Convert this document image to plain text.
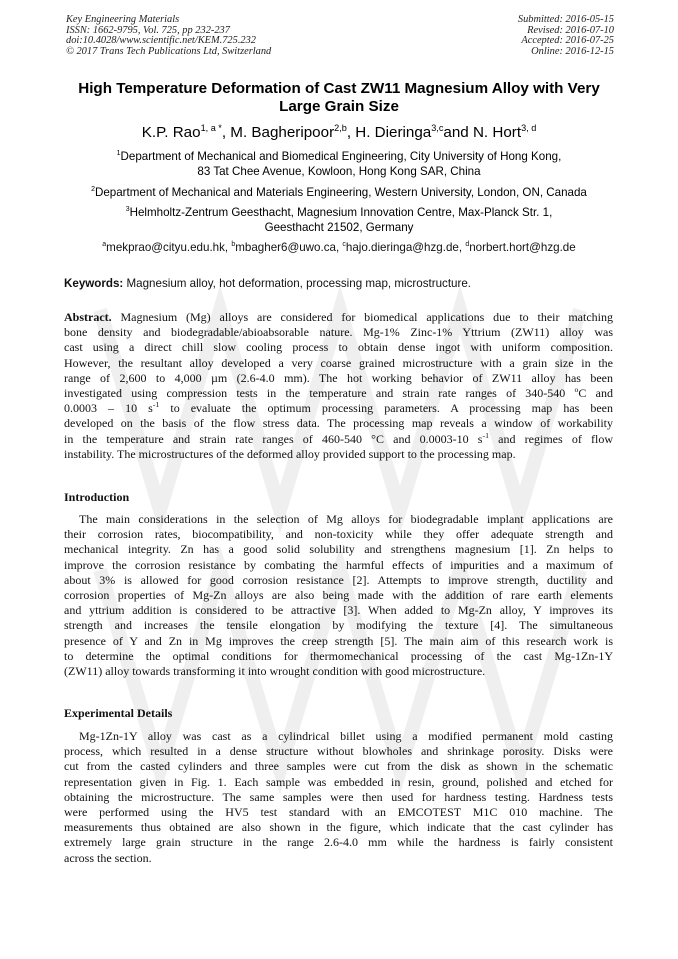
Key Engineering Materials
ISSN: 1662-9795, Vol. 725, pp 232-237
doi:10.4028/www.scientific.net/KEM.725.232
© 2017 Trans Tech Publications Ltd, Switzerland
Submitted: 2016-05-15
Revised: 2016-07-10
Accepted: 2016-07-25
Online: 2016-12-15
High Temperature Deformation of Cast ZW11 Magnesium Alloy with Very
Large Grain Size
K.P. Rao$^{1, a *}$, M. Bagheripoor$^{2,b}$, H. Dieringa$^{3,c}$and N. Hort$^{3, d}$
$^1$Department of Mechanical and Biomedical Engineering, City University of Hong Kong,
83 Tat Chee Avenue, Kowloon, Hong Kong SAR, China
$^2$Department of Mechanical and Materials Engineering, Western University, London, ON, Canada
$^3$Helmholtz-Zentrum Geesthacht, Magnesium Innovation Centre, Max-Planck Str. 1,
Geesthacht 21502, Germany
$^a$mekprao@cityu.edu.hk, $^b$mbagher6@uwo.ca, $^c$hajo.dieringa@hzg.de, $^d$norbert.hort@hzg.de
Keywords: Magnesium alloy, hot deformation, processing map, microstructure.
Abstract. Magnesium (Mg) alloys are considered for biomedical applications due to their matching
bone density and biodegradable/abioabsorable nature. Mg-1% Zinc-1% Yttrium (ZW11) alloy was
cast using a direct chill slow cooling process to obtain dense ingot with uniform composition.
However, the resultant alloy developed a very coarse grained microstructure with a grain size in the
range of 2,600 to 4,000 µm (2.6-4.0 mm). The hot working behavior of ZW11 alloy has been
investigated using compression tests in the temperature and strain rate ranges of 340-540 $^o$C and
0.0003 – 10 $s^{-1}$ to evaluate the optimum processing parameters. A processing map has been
developed on the basis of the flow stress data. The processing map reveals a window of workability
in the temperature and strain rate ranges of 460-540 °C and 0.0003-10 $s^{-1}$ and regimes of flow
instability. The microstructures of the deformed alloy provided support to the processing map.
Introduction
The main considerations in the selection of Mg alloys for biodegradable implant applications are
their corrosion rates, biocompatibility, and non-toxicity while they offer adequate strength and
mechanical integrity. Zn has a good solid solubility and strengthens magnesium [1]. Zn helps to
improve the corrosion resistance by combating the harmful effects of impurities and a maximum of
about 3% is allowed for good corrosion resistance [2]. Attempts to improve strength, ductility and
corrosion properties of Mg-Zn alloys are also being made with the addition of rare earth elements
and yttrium addition is considered to be attractive [3]. When added to Mg-Zn alloy, Y improves its
strength and increases the tensile elongation by modifying the texture [4]. The simultaneous
presence of Y and Zn in Mg improves the creep strength [5]. The main aim of this research work is
to determine the optimal conditions for thermomechanical processing of the cast Mg-1Zn-1Y
(ZW11) alloy towards transforming it into wrought condition with good microstructure.
Experimental Details
Mg-1Zn-1Y alloy was cast as a cylindrical billet using a modified permanent mold casting
process, which resulted in a dense structure without blowholes and shrinkage porosity. Disks were
cut from the casted cylinders and three samples were cut from the disk as shown in the schematic
representation given in Fig. 1. Each sample was embedded in resin, ground, polished and etched for
obtaining the microstructure. The same samples were then used for hardness testing. Hardness tests
were performed using the HV5 test standard with an EMCOTEST M1C 010 machine. The
measurements thus obtained are also shown in the figure, which indicate that the cast cylinder has
extremely large grain structure in the range 2.6-4.0 mm while the hardness is fairly consistent
across the section.
